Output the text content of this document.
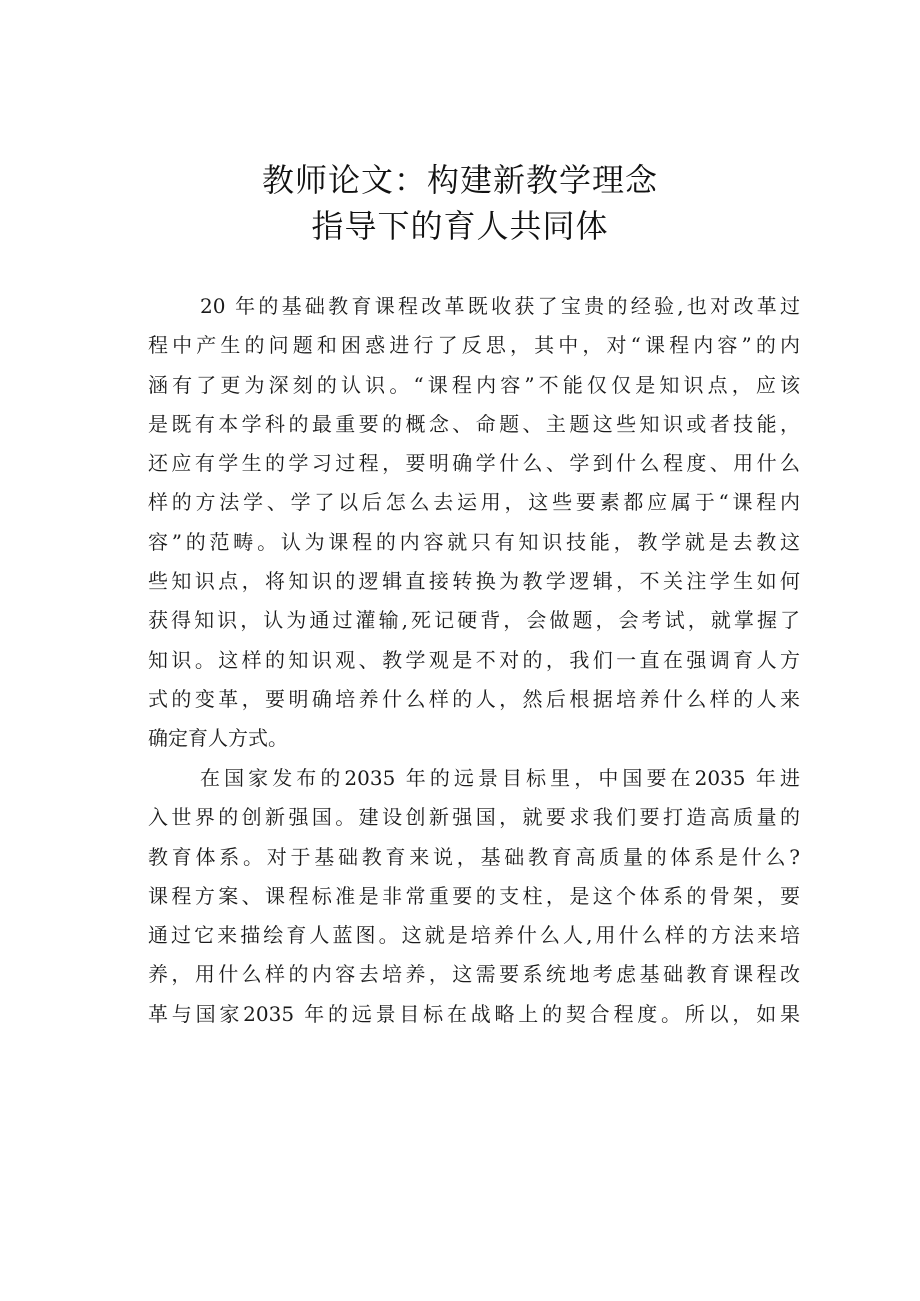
教师论文：构建新教学理念
指导下的育人共同体
20 年的基础教育课程改革既收获了宝贵的经验,也对改革过
程中产生的问题和困惑进行了反思，其中，对“课程内容”的内
涵有了更为深刻的认识。“课程内容”不能仅仅是知识点，应该
是既有本学科的最重要的概念、命题、主题这些知识或者技能，
还应有学生的学习过程，要明确学什么、学到什么程度、用什么
样的方法学、学了以后怎么去运用，这些要素都应属于“课程内
容”的范畴。认为课程的内容就只有知识技能，教学就是去教这
些知识点，将知识的逻辑直接转换为教学逻辑，不关注学生如何
获得知识，认为通过灌输,死记硬背，会做题，会考试，就掌握了
知识。这样的知识观、教学观是不对的，我们一直在强调育人方
式的变革，要明确培养什么样的人，然后根据培养什么样的人来
确定育人方式。
在国家发布的2035 年的远景目标里，中国要在2035 年进
入世界的创新强国。建设创新强国，就要求我们要打造高质量的
教育体系。对于基础教育来说，基础教育高质量的体系是什么?
课程方案、课程标准是非常重要的支柱，是这个体系的骨架，要
通过它来描绘育人蓝图。这就是培养什么人,用什么样的方法来培
养，用什么样的内容去培养，这需要系统地考虑基础教育课程改
革与国家2035 年的远景目标在战略上的契合程度。所以，如果
